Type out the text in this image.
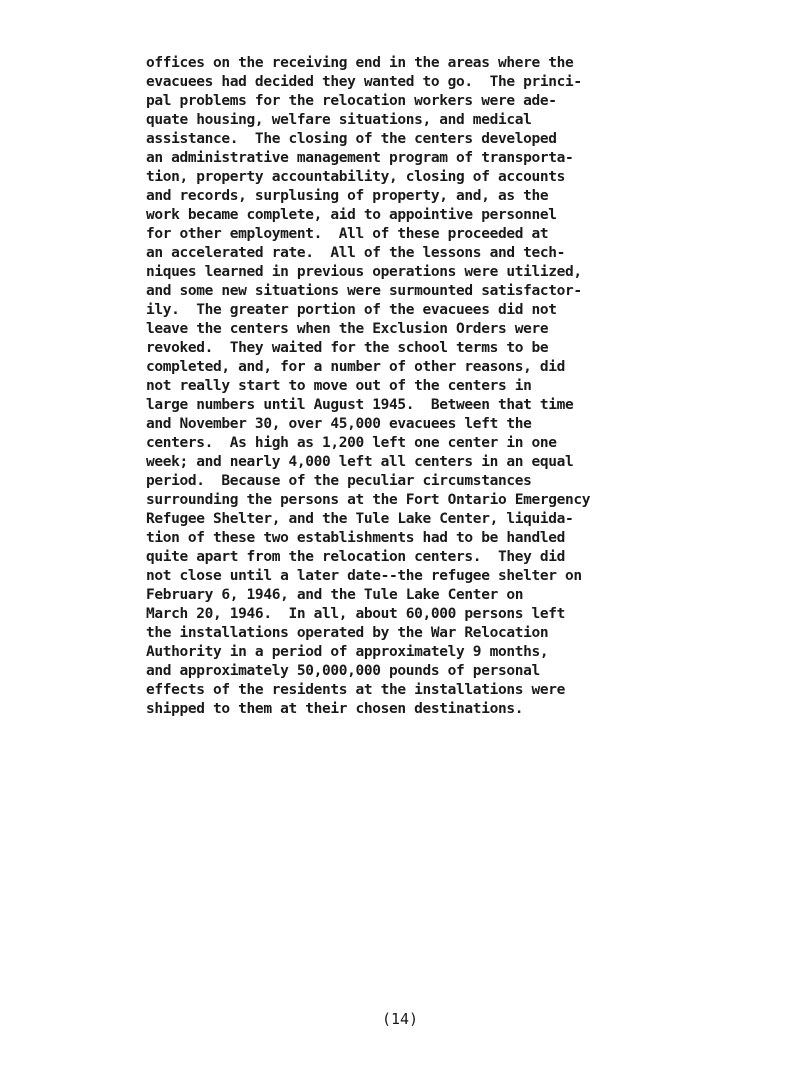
offices on the receiving end in the areas where the
evacuees had decided they wanted to go.  The princi-
pal problems for the relocation workers were ade-
quate housing, welfare situations, and medical
assistance.  The closing of the centers developed
an administrative management program of transporta-
tion, property accountability, closing of accounts
and records, surplusing of property, and, as the
work became complete, aid to appointive personnel
for other employment.  All of these proceeded at
an accelerated rate.  All of the lessons and tech-
niques learned in previous operations were utilized,
and some new situations were surmounted satisfactor-
ily.  The greater portion of the evacuees did not
leave the centers when the Exclusion Orders were
revoked.  They waited for the school terms to be
completed, and, for a number of other reasons, did
not really start to move out of the centers in
large numbers until August 1945.  Between that time
and November 30, over 45,000 evacuees left the
centers.  As high as 1,200 left one center in one
week; and nearly 4,000 left all centers in an equal
period.  Because of the peculiar circumstances
surrounding the persons at the Fort Ontario Emergency
Refugee Shelter, and the Tule Lake Center, liquida-
tion of these two establishments had to be handled
quite apart from the relocation centers.  They did
not close until a later date--the refugee shelter on
February 6, 1946, and the Tule Lake Center on
March 20, 1946.  In all, about 60,000 persons left
the installations operated by the War Relocation
Authority in a period of approximately 9 months,
and approximately 50,000,000 pounds of personal
effects of the residents at the installations were
shipped to them at their chosen destinations.

(14)
